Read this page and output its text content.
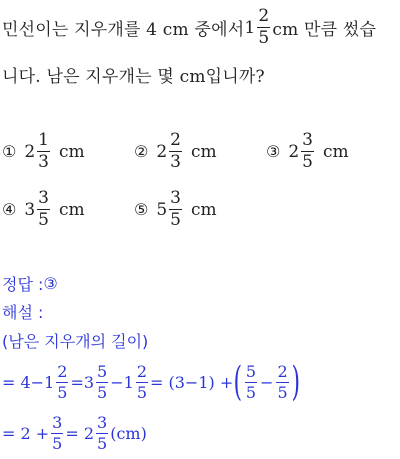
민선이는 지우개를 4 cm 중에서 $1 \frac{2}{5}$ cm 만큼 썼습
니다. 남은 지우개는 몇 cm입니까?
① $2 \frac{1}{3}$ cm	② $2 \frac{2}{3}$ cm	③ $2 \frac{3}{5}$ cm
④ $3 \frac{3}{5}$ cm	⑤ $5 \frac{3}{5}$ cm
정답 : ③
해설 :
(남은 지우개의 길이)
= $4-1 \frac{2}{5} =3 \frac{5}{5} -1 \frac{2}{5} = (3-1)$ + ( $\frac{5}{5} - \frac{2}{5}$ )
= $2 + \frac{3}{5} = 2 \frac{3}{5} (cm)$
